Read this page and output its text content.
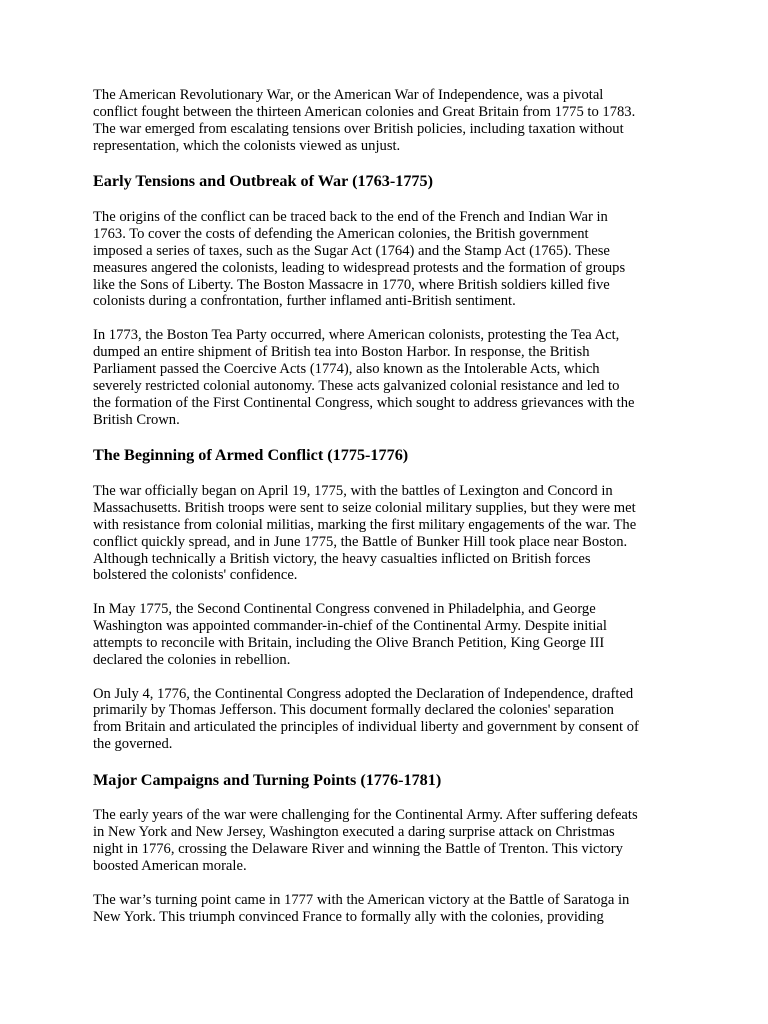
The American Revolutionary War, or the American War of Independence, was a pivotal
conflict fought between the thirteen American colonies and Great Britain from 1775 to 1783.
The war emerged from escalating tensions over British policies, including taxation without
representation, which the colonists viewed as unjust.

Early Tensions and Outbreak of War (1763-1775)

The origins of the conflict can be traced back to the end of the French and Indian War in
1763. To cover the costs of defending the American colonies, the British government
imposed a series of taxes, such as the Sugar Act (1764) and the Stamp Act (1765). These
measures angered the colonists, leading to widespread protests and the formation of groups
like the Sons of Liberty. The Boston Massacre in 1770, where British soldiers killed five
colonists during a confrontation, further inflamed anti-British sentiment.

In 1773, the Boston Tea Party occurred, where American colonists, protesting the Tea Act,
dumped an entire shipment of British tea into Boston Harbor. In response, the British
Parliament passed the Coercive Acts (1774), also known as the Intolerable Acts, which
severely restricted colonial autonomy. These acts galvanized colonial resistance and led to
the formation of the First Continental Congress, which sought to address grievances with the
British Crown.

The Beginning of Armed Conflict (1775-1776)

The war officially began on April 19, 1775, with the battles of Lexington and Concord in
Massachusetts. British troops were sent to seize colonial military supplies, but they were met
with resistance from colonial militias, marking the first military engagements of the war. The
conflict quickly spread, and in June 1775, the Battle of Bunker Hill took place near Boston.
Although technically a British victory, the heavy casualties inflicted on British forces
bolstered the colonists' confidence.

In May 1775, the Second Continental Congress convened in Philadelphia, and George
Washington was appointed commander-in-chief of the Continental Army. Despite initial
attempts to reconcile with Britain, including the Olive Branch Petition, King George III
declared the colonies in rebellion.

On July 4, 1776, the Continental Congress adopted the Declaration of Independence, drafted
primarily by Thomas Jefferson. This document formally declared the colonies' separation
from Britain and articulated the principles of individual liberty and government by consent of
the governed.

Major Campaigns and Turning Points (1776-1781)

The early years of the war were challenging for the Continental Army. After suffering defeats
in New York and New Jersey, Washington executed a daring surprise attack on Christmas
night in 1776, crossing the Delaware River and winning the Battle of Trenton. This victory
boosted American morale.

The war’s turning point came in 1777 with the American victory at the Battle of Saratoga in
New York. This triumph convinced France to formally ally with the colonies, providing
